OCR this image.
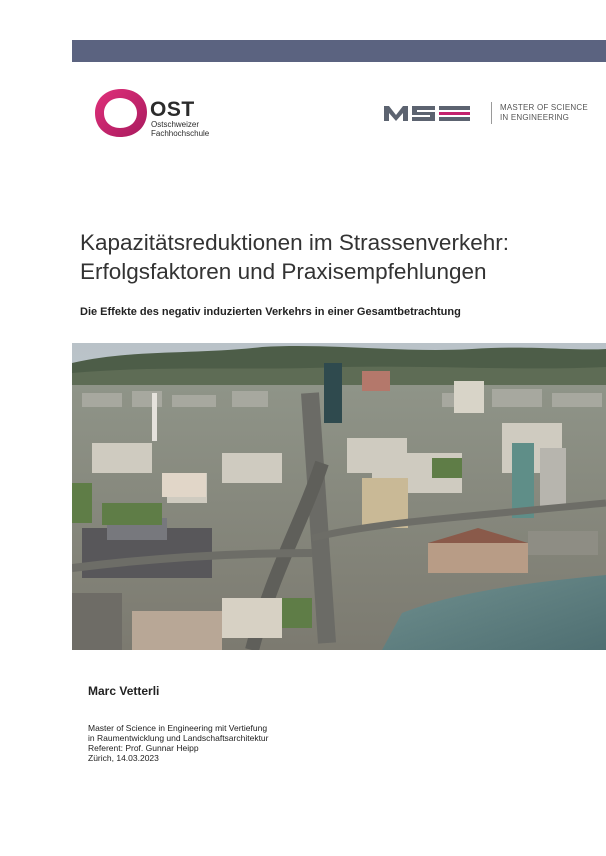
OST
Ostschweizer
Fachhochschule
MASTER OF SCIENCE
IN ENGINEERING
Kapazitätsreduktionen im Strassenverkehr:
Erfolgsfaktoren und Praxisempfehlungen
Die Effekte des negativ induzierten Verkehrs in einer Gesamtbetrachtung
Marc Vetterli
Master of Science in Engineering mit Vertiefung
in Raumentwicklung und Landschaftsarchitektur
Referent: Prof. Gunnar Heipp
Zürich, 14.03.2023
